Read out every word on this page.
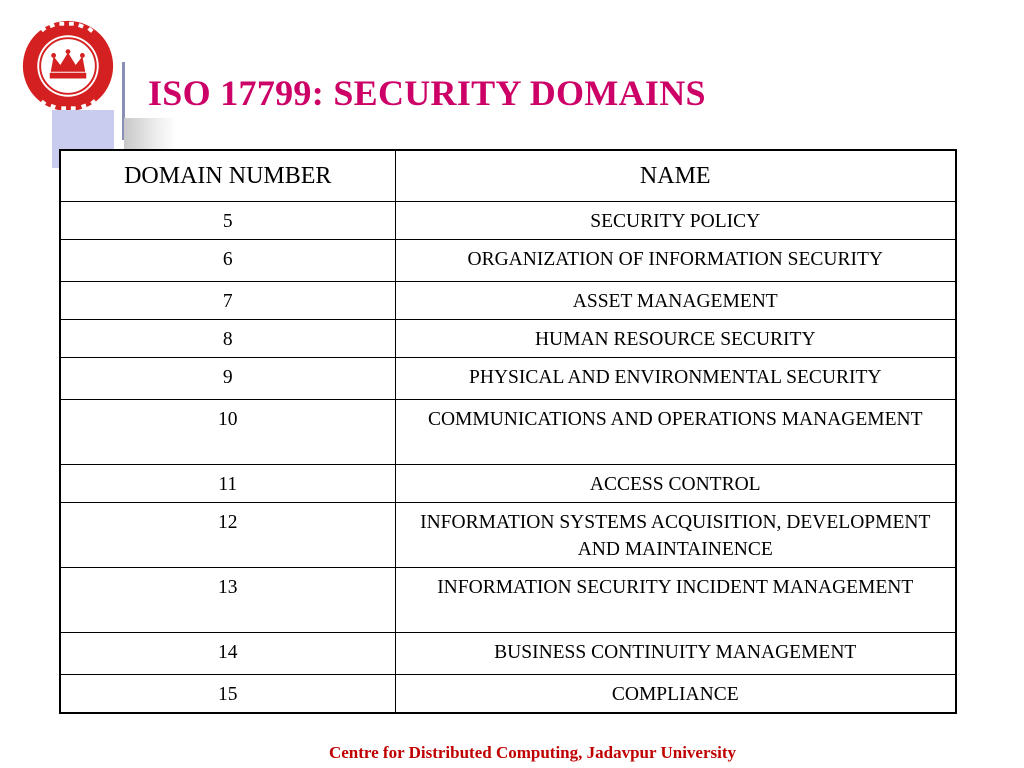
ISO 17799: SECURITY DOMAINS
DOMAIN NUMBER	NAME
5	SECURITY POLICY
6	ORGANIZATION OF INFORMATION SECURITY
7	ASSET MANAGEMENT
8	HUMAN RESOURCE SECURITY
9	PHYSICAL AND ENVIRONMENTAL SECURITY
10	COMMUNICATIONS AND OPERATIONS MANAGEMENT
11	ACCESS CONTROL
12	INFORMATION SYSTEMS ACQUISITION, DEVELOPMENT AND MAINTAINENCE
13	INFORMATION SECURITY INCIDENT MANAGEMENT
14	BUSINESS CONTINUITY MANAGEMENT
15	COMPLIANCE
Centre for Distributed Computing, Jadavpur University
